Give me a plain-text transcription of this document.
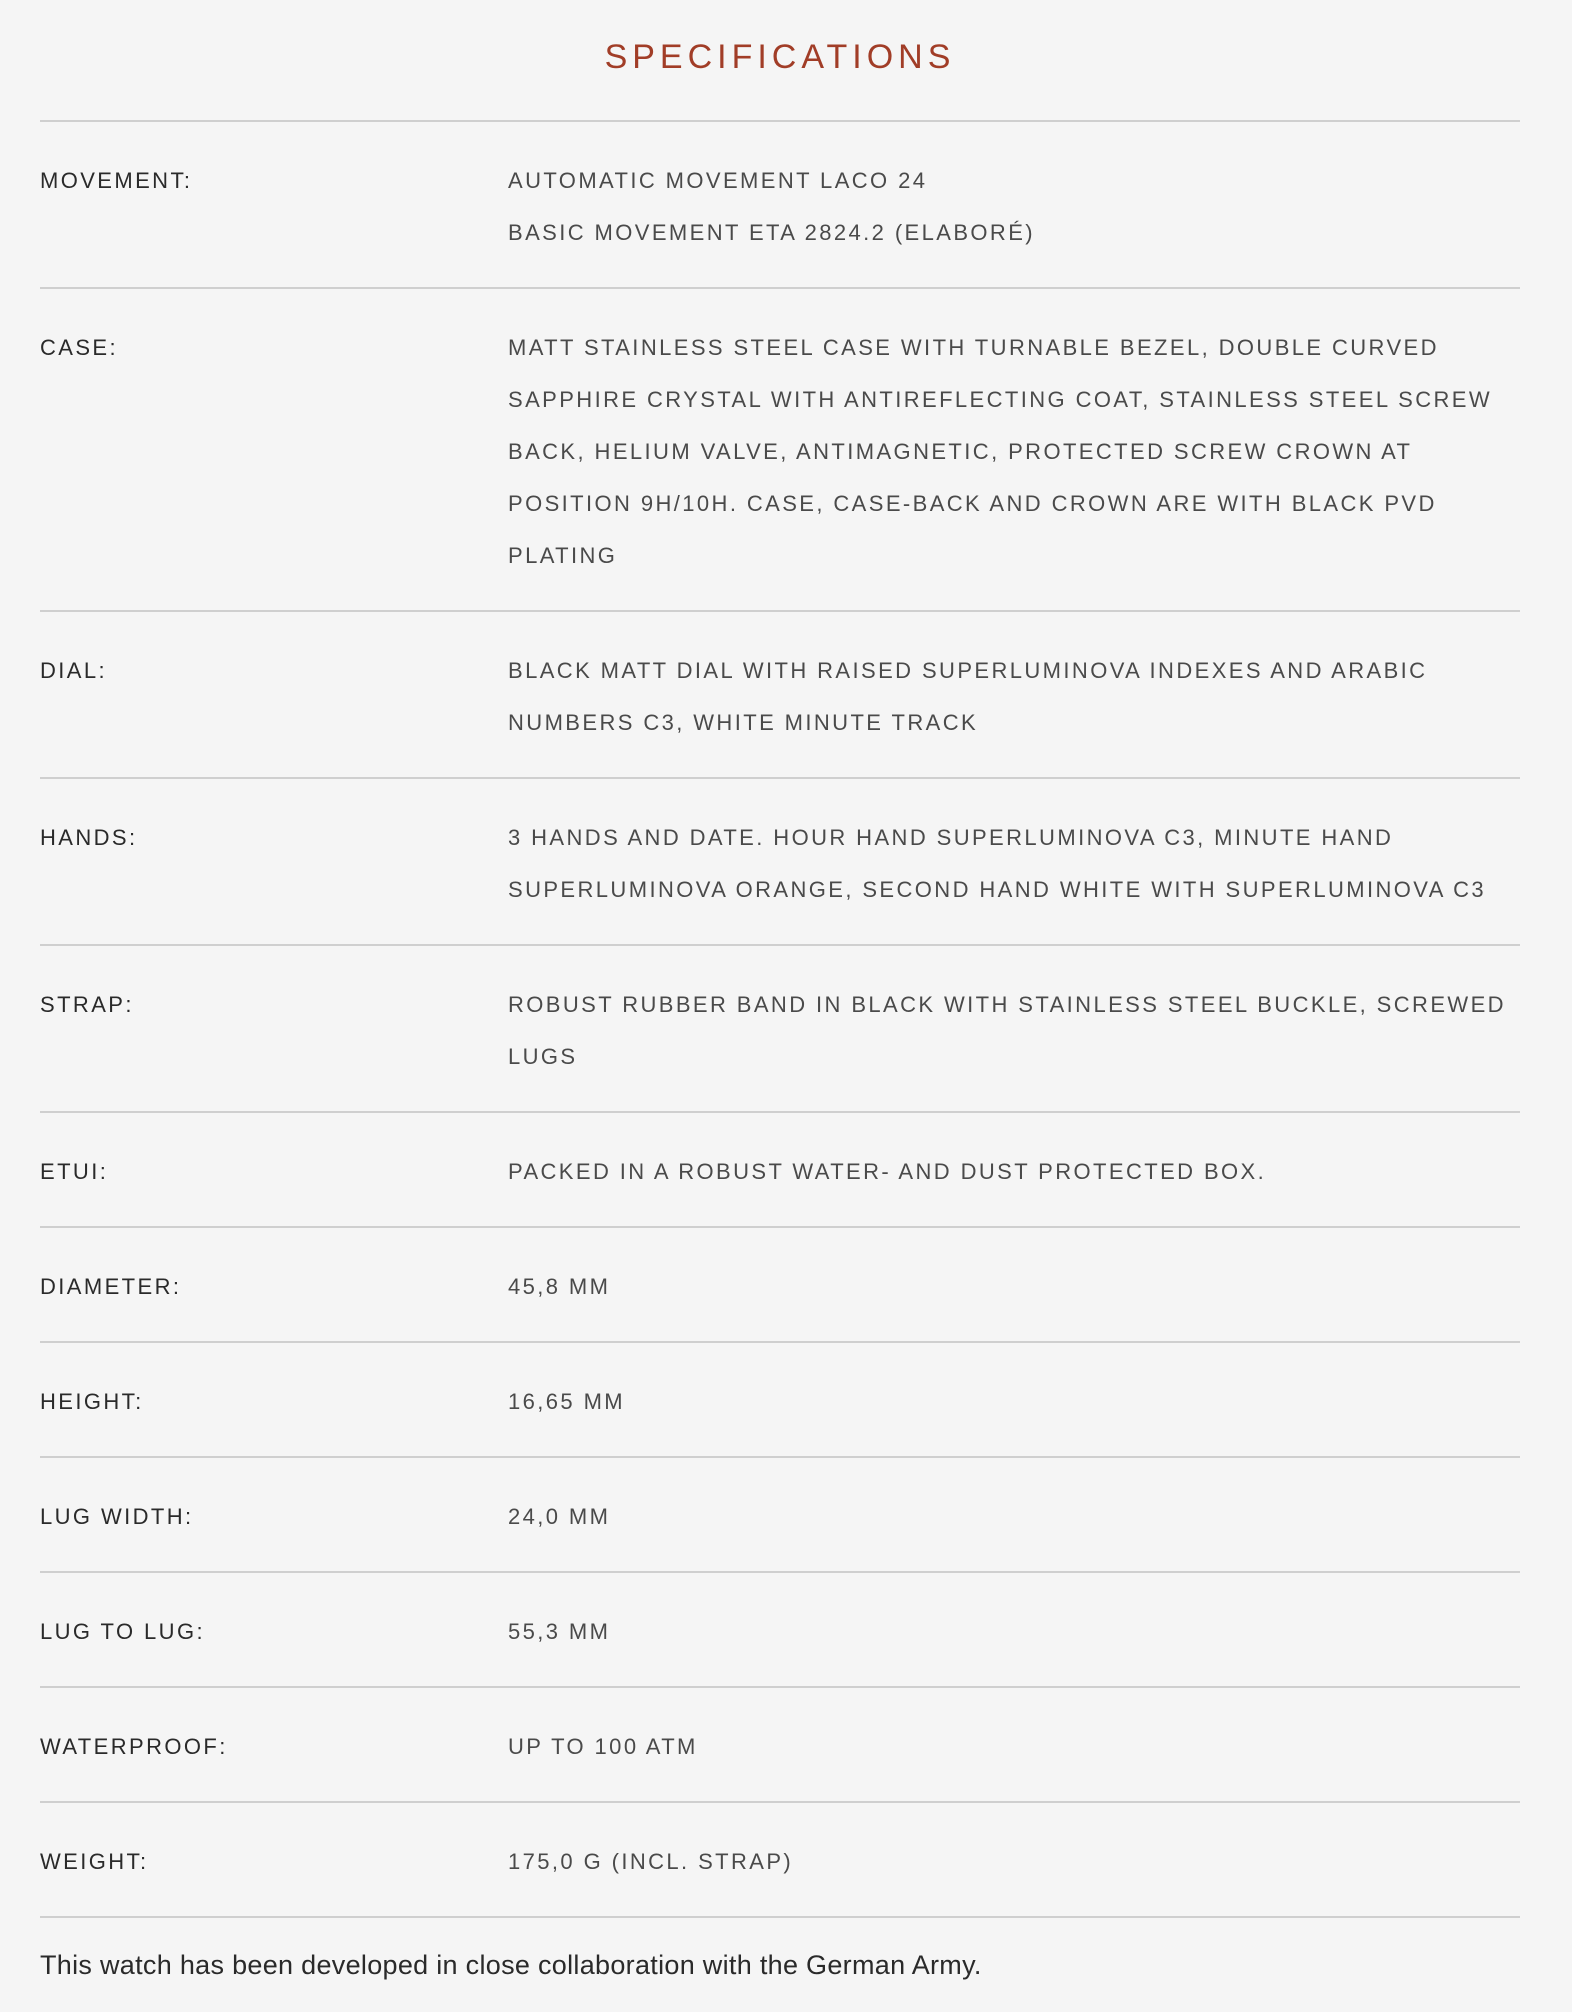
SPECIFICATIONS
MOVEMENT:	AUTOMATIC MOVEMENT LACO 24
BASIC MOVEMENT ETA 2824.2 (ELABORÉ)
CASE:	MATT STAINLESS STEEL CASE WITH TURNABLE BEZEL, DOUBLE CURVED
SAPPHIRE CRYSTAL WITH ANTIREFLECTING COAT, STAINLESS STEEL SCREW
BACK, HELIUM VALVE, ANTIMAGNETIC, PROTECTED SCREW CROWN AT
POSITION 9H/10H. CASE, CASE-BACK AND CROWN ARE WITH BLACK PVD
PLATING
DIAL:	BLACK MATT DIAL WITH RAISED SUPERLUMINOVA INDEXES AND ARABIC
NUMBERS C3, WHITE MINUTE TRACK
HANDS:	3 HANDS AND DATE. HOUR HAND SUPERLUMINOVA C3, MINUTE HAND
SUPERLUMINOVA ORANGE, SECOND HAND WHITE WITH SUPERLUMINOVA C3
STRAP:	ROBUST RUBBER BAND IN BLACK WITH STAINLESS STEEL BUCKLE, SCREWED
LUGS
ETUI:	PACKED IN A ROBUST WATER- AND DUST PROTECTED BOX.
DIAMETER:	45,8 MM
HEIGHT:	16,65 MM
LUG WIDTH:	24,0 MM
LUG TO LUG:	55,3 MM
WATERPROOF:	UP TO 100 ATM
WEIGHT:	175,0 G (INCL. STRAP)
This watch has been developed in close collaboration with the German Army.
